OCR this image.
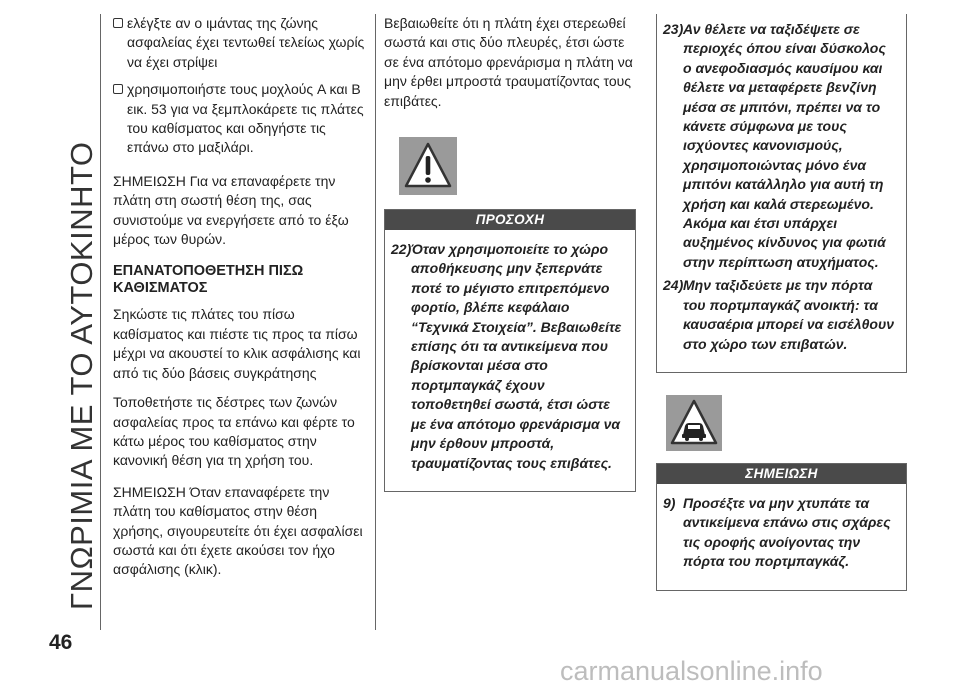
ΓΝΩΡΙΜΙΑ ΜΕ ΤΟ ΑΥΤΟΚΙΝΗΤΟ
46
ελέγξτε αν ο ιμάντας της ζώνης ασφαλείας έχει τεντωθεί τελείως χωρίς να έχει στρίψει
χρησιμοποιήστε τους μοχλούς A και B εικ. 53 για να ξεμπλοκάρετε τις πλάτες του καθίσματος και οδηγήστε τις επάνω στο μαξιλάρι.

ΣΗΜΕΙΩΣΗ Για να επαναφέρετε την πλάτη στη σωστή θέση της, σας συνιστούμε να ενεργήσετε από το έξω μέρος των θυρών.

ΕΠΑΝΑΤΟΠΟΘΕΤΗΣΗ ΠΙΣΩ ΚΑΘΙΣΜΑΤΟΣ

Σηκώστε τις πλάτες του πίσω καθίσματος και πιέστε τις προς τα πίσω μέχρι να ακουστεί το κλικ ασφάλισης και από τις δύο βάσεις συγκράτησης

Τοποθετήστε τις δέστρες των ζωνών ασφαλείας προς τα επάνω και φέρτε το κάτω μέρος του καθίσματος στην κανονική θέση για τη χρήση του.

ΣΗΜΕΙΩΣΗ Όταν επαναφέρετε την πλάτη του καθίσματος στην θέση χρήσης, σιγουρευτείτε ότι έχει ασφαλίσει σωστά και ότι έχετε ακούσει τον ήχο ασφάλισης (κλικ).

Βεβαιωθείτε ότι η πλάτη έχει στερεωθεί σωστά και στις δύο πλευρές, έτσι ώστε σε ένα απότομο φρενάρισμα η πλάτη να μην έρθει μπροστά τραυματίζοντας τους επιβάτες.

ΠΡΟΣΟΧΗ
22) Όταν χρησιμοποιείτε το χώρο αποθήκευσης μην ξεπερνάτε ποτέ το μέγιστο επιτρεπόμενο φορτίο, βλέπε κεφάλαιο “Τεχνικά Στοιχεία”. Βεβαιωθείτε επίσης ότι τα αντικείμενα που βρίσκονται μέσα στο πορτμπαγκάζ έχουν τοποθετηθεί σωστά, έτσι ώστε με ένα απότομο φρενάρισμα να μην έρθουν μπροστά, τραυματίζοντας τους επιβάτες.
23) Αν θέλετε να ταξιδέψετε σε περιοχές όπου είναι δύσκολος ο ανεφοδιασμός καυσίμου και θέλετε να μεταφέρετε βενζίνη μέσα σε μπιτόνι, πρέπει να το κάνετε σύμφωνα με τους ισχύοντες κανονισμούς, χρησιμοποιώντας μόνο ένα μπιτόνι κατάλληλο για αυτή τη χρήση και καλά στερεωμένο. Ακόμα και έτσι υπάρχει αυξημένος κίνδυνος για φωτιά στην περίπτωση ατυχήματος.
24) Μην ταξιδεύετε με την πόρτα του πορτμπαγκάζ ανοικτή: τα καυσαέρια μπορεί να εισέλθουν στο χώρο των επιβατών.
ΣΗΜΕΙΩΣΗ
9) Προσέξτε να μην χτυπάτε τα αντικείμενα επάνω στις σχάρες τις οροφής ανοίγοντας την πόρτα του πορτμπαγκάζ.
carmanualsonline.info
